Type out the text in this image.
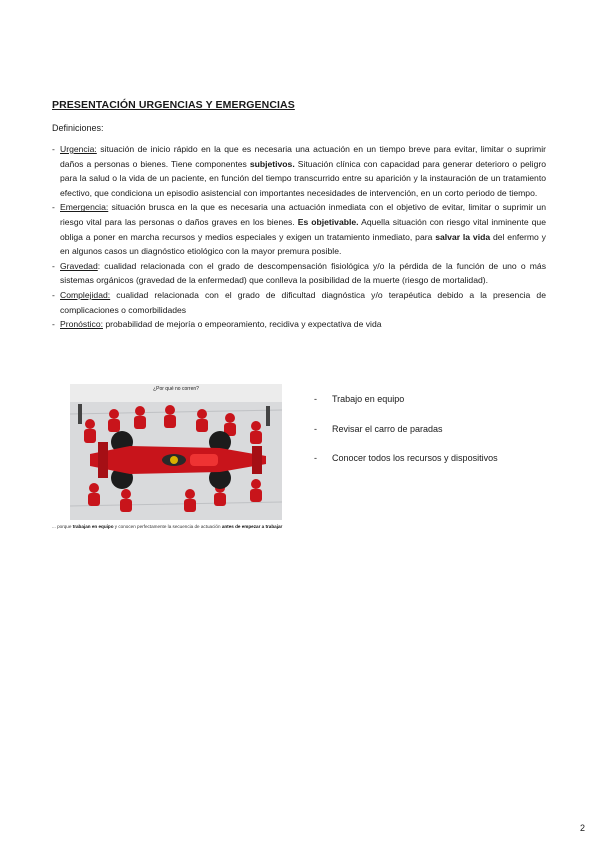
PRESENTACIÓN URGENCIAS Y EMERGENCIAS
Definiciones:
- Urgencia: situación de inicio rápido en la que es necesaria una actuación en un tiempo breve para evitar, limitar o suprimir daños a personas o bienes. Tiene componentes subjetivos. Situación clínica con capacidad para generar deterioro o peligro para la salud o la vida de un paciente, en función del tiempo transcurrido entre su aparición y la instauración de un tratamiento efectivo, que condiciona un episodio asistencial con importantes necesidades de intervención, en un corto periodo de tiempo.
- Emergencia: situación brusca en la que es necesaria una actuación inmediata con el objetivo de evitar, limitar o suprimir un riesgo vital para las personas o daños graves en los bienes. Es objetivable. Aquella situación con riesgo vital inminente que obliga a poner en marcha recursos y medios especiales y exigen un tratamiento inmediato, para salvar la vida del enfermo y en algunos casos un diagnóstico etiológico con la mayor premura posible.
- Gravedad: cualidad relacionada con el grado de descompensación fisiológica y/o la pérdida de la función de uno o más sistemas orgánicos (gravedad de la enfermedad) que conlleva la posibilidad de la muerte (riesgo de mortalidad).
- Complejidad: cualidad relacionada con el grado de dificultad diagnóstica y/o terapéutica debido a la presencia de complicaciones o comorbilidades
- Pronóstico: probabilidad de mejoría o empeoramiento, recidiva y expectativa de vida
¿Por qué no corren?
... porque trabajan en equipo y conocen perfectamente la secuencia de actuación antes de empezar a trabajar
- Trabajo en equipo
- Revisar el carro de paradas
- Conocer todos los recursos y dispositivos
2
